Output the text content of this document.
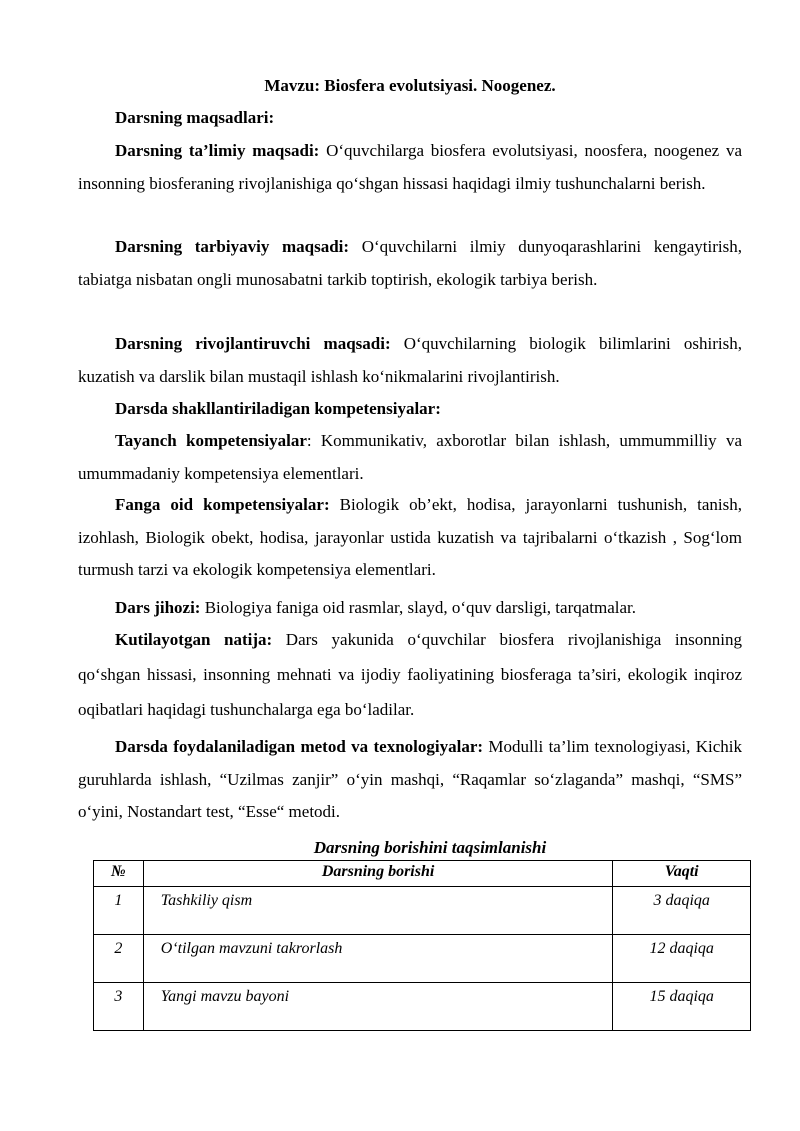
Mavzu: Biosfera evolutsiyasi. Noogenez.
Darsning maqsadlari:
Darsning ta’limiy maqsadi: O‘quvchilarga biosfera evolutsiyasi, noosfera, noogenez va insonning biosferaning rivojlanishiga qo‘shgan hissasi haqidagi ilmiy tushunchalarni berish.
Darsning tarbiyaviy maqsadi: O‘quvchilarni ilmiy dunyoqarashlarini kengaytirish, tabiatga nisbatan ongli munosabatni tarkib toptirish, ekologik tarbiya berish.
Darsning rivojlantiruvchi maqsadi: O‘quvchilarning biologik bilimlarini oshirish, kuzatish va darslik bilan mustaqil ishlash ko‘nikmalarini rivojlantirish.
Darsda shakllantiriladigan kompetensiyalar:
Tayanch kompetensiyalar: Kommunikativ, axborotlar bilan ishlash, ummummilliy va umummadaniy kompetensiya elementlari.
Fanga oid kompetensiyalar: Biologik ob’ekt, hodisa, jarayonlarni tushunish, tanish, izohlash, Biologik obekt, hodisa, jarayonlar ustida kuzatish va tajribalarni o‘tkazish , Sog‘lom turmush tarzi va ekologik kompetensiya elementlari.
Dars jihozi: Biologiya faniga oid rasmlar, slayd, o‘quv darsligi, tarqatmalar.
Kutilayotgan natija: Dars yakunida o‘quvchilar biosfera rivojlanishiga insonning qo‘shgan hissasi, insonning mehnati va ijodiy faoliyatining biosferaga ta’siri, ekologik inqiroz oqibatlari haqidagi tushunchalarga ega bo‘ladilar.
Darsda foydalaniladigan metod va texnologiyalar: Modulli ta’lim texnologiyasi, Kichik guruhlarda ishlash, “Uzilmas zanjir” o‘yin mashqi, “Raqamlar so‘zlaganda” mashqi, “SMS” o‘yini, Nostandart test, “Esse“ metodi.
Darsning borishini taqsimlanishi
№	Darsning borishi	Vaqti

1	Tashkiliy qism	3 daqiqa

2	O‘tilgan mavzuni takrorlash	12 daqiqa

3	Yangi mavzu bayoni	15 daqiqa
